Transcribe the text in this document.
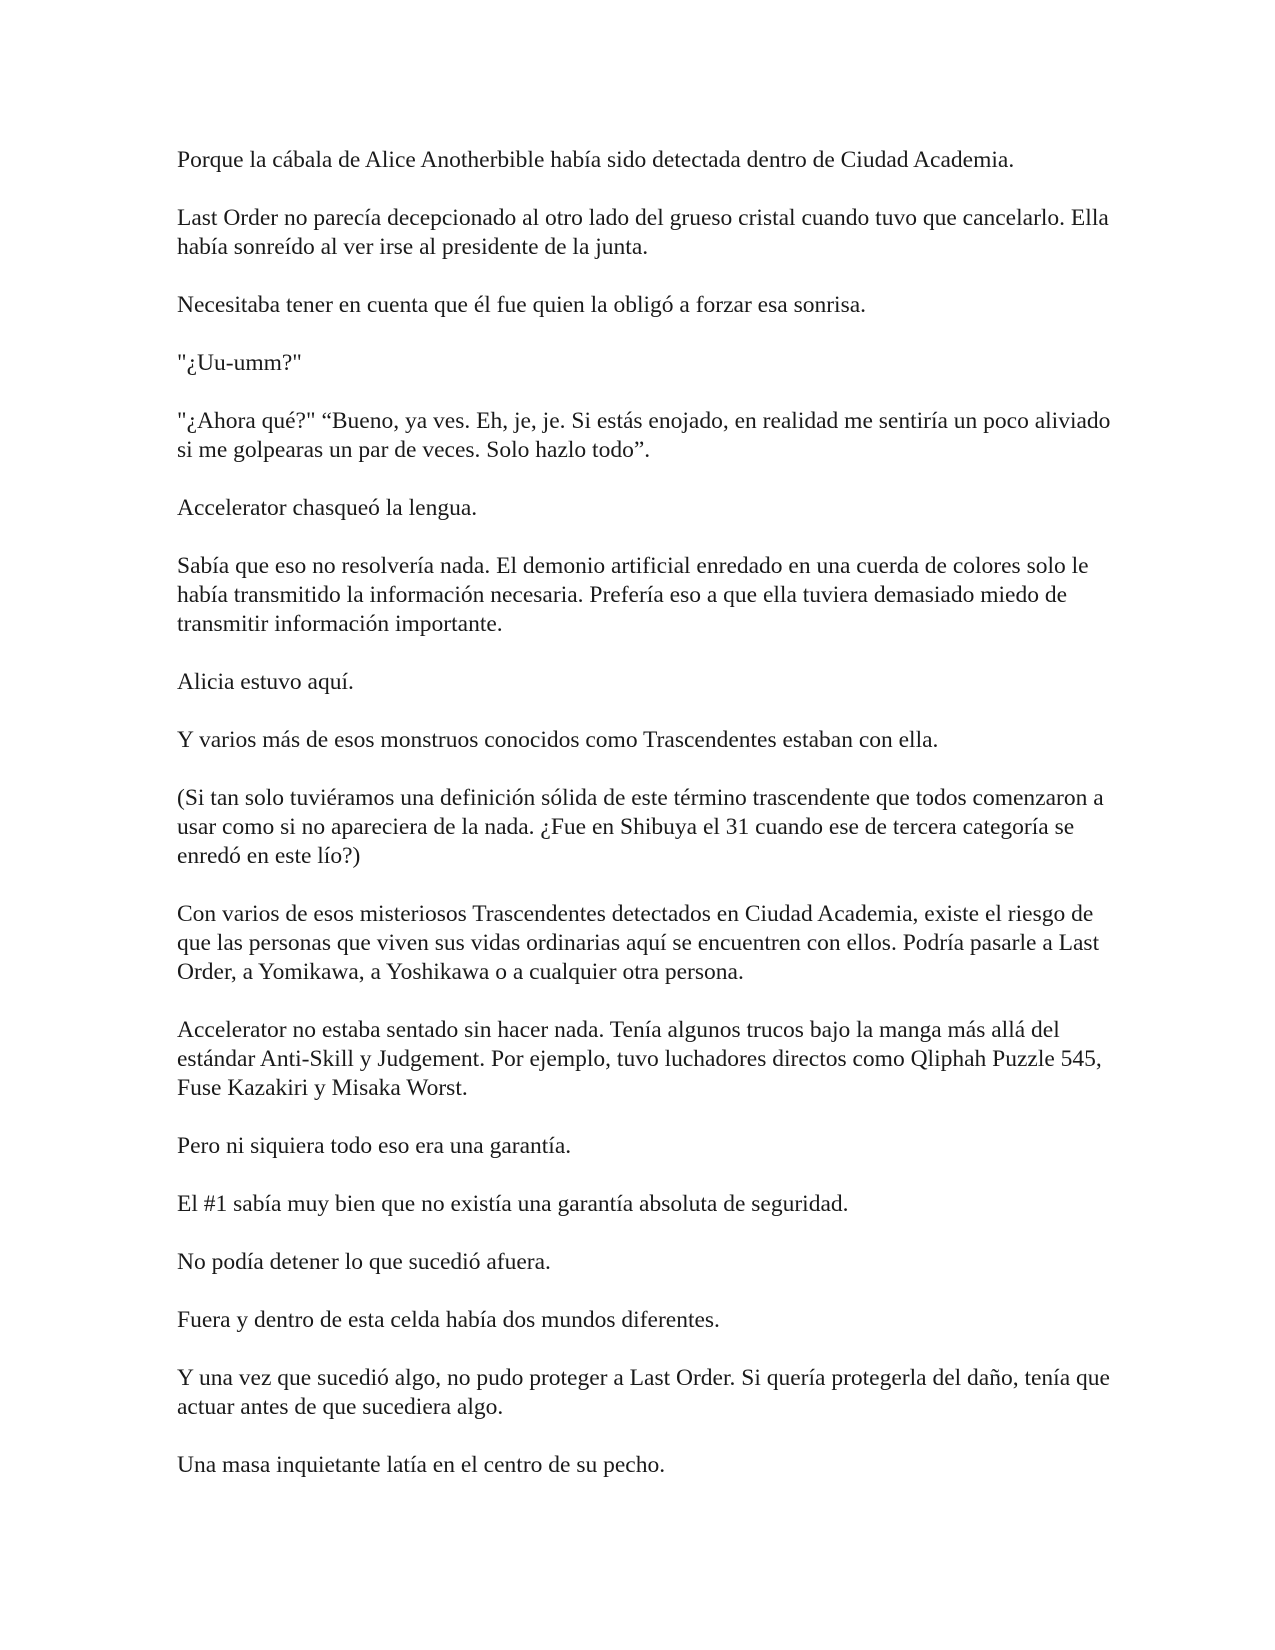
Porque la cábala de Alice Anotherbible había sido detectada dentro de Ciudad Academia.

Last Order no parecía decepcionado al otro lado del grueso cristal cuando tuvo que cancelarlo. Ella había sonreído al ver irse al presidente de la junta.

Necesitaba tener en cuenta que él fue quien la obligó a forzar esa sonrisa.

"¿Uu-umm?"

"¿Ahora qué?" “Bueno, ya ves. Eh, je, je. Si estás enojado, en realidad me sentiría un poco aliviado si me golpearas un par de veces. Solo hazlo todo”.

Accelerator chasqueó la lengua.

Sabía que eso no resolvería nada. El demonio artificial enredado en una cuerda de colores solo le había transmitido la información necesaria. Prefería eso a que ella tuviera demasiado miedo de transmitir información importante.

Alicia estuvo aquí.

Y varios más de esos monstruos conocidos como Trascendentes estaban con ella.

(Si tan solo tuviéramos una definición sólida de este término trascendente que todos comenzaron a usar como si no apareciera de la nada. ¿Fue en Shibuya el 31 cuando ese de tercera categoría se enredó en este lío?)

Con varios de esos misteriosos Trascendentes detectados en Ciudad Academia, existe el riesgo de que las personas que viven sus vidas ordinarias aquí se encuentren con ellos. Podría pasarle a Last Order, a Yomikawa, a Yoshikawa o a cualquier otra persona.

Accelerator no estaba sentado sin hacer nada. Tenía algunos trucos bajo la manga más allá del estándar Anti-Skill y Judgement. Por ejemplo, tuvo luchadores directos como Qliphah Puzzle 545, Fuse Kazakiri y Misaka Worst.

Pero ni siquiera todo eso era una garantía.

El #1 sabía muy bien que no existía una garantía absoluta de seguridad.

No podía detener lo que sucedió afuera.

Fuera y dentro de esta celda había dos mundos diferentes.

Y una vez que sucedió algo, no pudo proteger a Last Order. Si quería protegerla del daño, tenía que actuar antes de que sucediera algo.

Una masa inquietante latía en el centro de su pecho.
